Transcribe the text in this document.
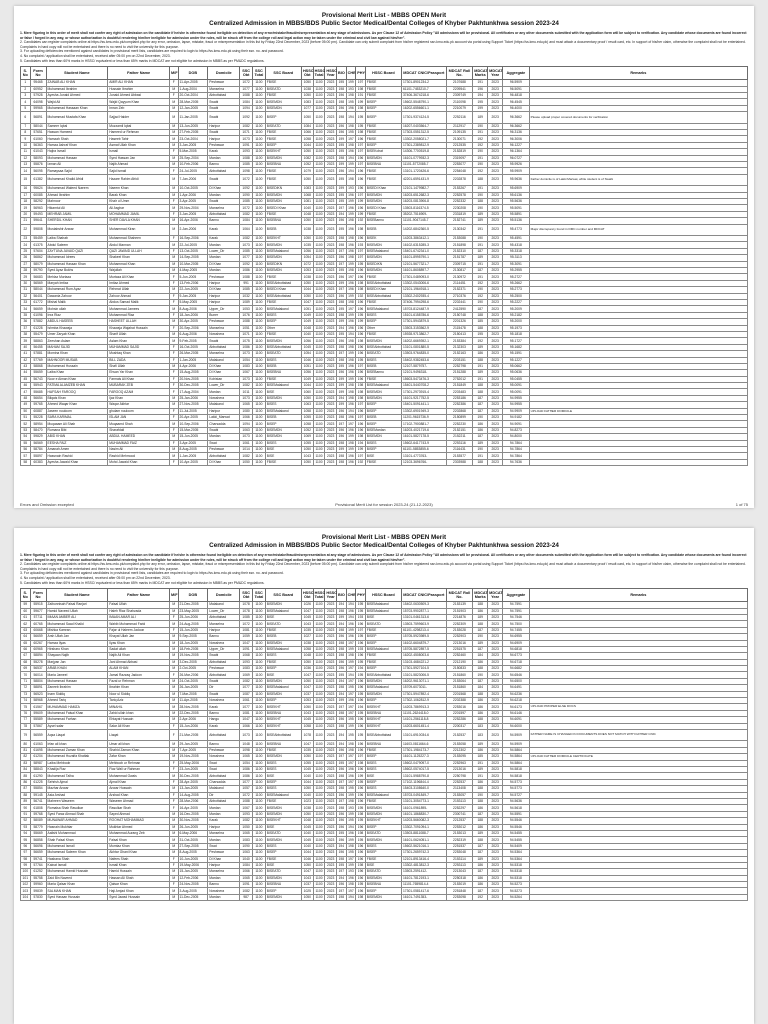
Provisional Merit List - MBBS OPEN Merit
Centralized Admission in MBBS/BDS Public Sector Medical/Dental Colleges of Khyber Pakhtunkhwa session 2023-24

1. Mere figuring in this order of merit shall not confer any right of admission on the candidate if he/she is otherwise found ineligible on detection of any error/mistake/fraud/misrepresentation at any stage of admissions. As per Clause 12 of Admission Policy "All admissions will be provisional. All certificates or any other documents submitted with the application form will be subject to verification. Any candidate whose documents are found incorrect or false / forged in any way, or whose authorization is doubtful rendering him/her ineligible for admission under the rules, will be struck off from the college roll and legal action may be taken under the criminal and civil law against him/her".

2. Candidates can register complaints online at https://ss.kmu.edu.pk/complaint.php for any error, omission, lapse, mistake, fraud or misrepresentation in this list by Friday 22nd December, 2023 (before 05:00 pm). Candidate can only submit complaint from his/her registered ssn.kmu.edu.pk account via portal using Support Ticket (https://ss.kmu.edu.pk) and must attach a documentary proof / result card, etc. In support of his/her claim, otherwise the complaint shall not be entertained. Complaints in hard copy will not be entertained and there is no need to visit the university for this purpose.

3. For uploading deficiencies mentioned against candidates in provisional merit lists, candidates are required to login to https://ss.kmu.edu.pk using their ssn. no. and password.

4. No complaint / application shall be entertained, received after 05:00 pm on 22nd December, 2023.

5. Candidates with less than 60% marks in HSSC/ equivalent or less than 65% marks in MDCAT are not eligible for admission in MBBS as per PM&DC regulations.

S. No	Form No	Student Name	Father Name	M/F	DOB	Domicile	SSC Obt	SSC Total	SSC Board	HSSC Obt	HSSC Total	HSSC Year	BIO	CHE	PHY	HSSC Board	MDCAT CNIC/Passport	MDCAT Roll No.	MDCAT Marks	MDCAT Year	Aggregate	Remarks
1	95465	ZAINAB ALI KHAN	AMIR ALI KHAN	F	11-Apr-2005	Peshawar	1072	1100	FBISE	1050	1100	2023	195	199	197	FBISE	17301-8901234-2	2107688	191	2023	96.5909	
2	60952	Muhammad Ibrahim	Hussain Ibrahim	M	1-Aug-2004	Mansehra	1077	1100	BISEATD	1038	1100	2023	198	193	198	FBISE	61101-7453210-7	2209541	196	2023	96.5091	
3	57928	Ayesha Junaid Ahmed	Junaid Ahmed Abbasi	F	20-Oct-2004	Abbottabad	1088	1100	FBISE	1050	1100	2023	196	198	191	FBISE	37406-3674218-6	2309749	194	2023	96.4818	
4	64098	Wajid Ali	Wajid Qayyum Khan	M	28-Mar-2005	Swabi	1084	1100	BISEMDN	1083	1100	2023	198	195	199	BISEP	15602-5548790-1	2110098	195	2023	96.4545	
5	59965	Muhammad Hassaan Khan	Imran Zeb	M	12-Jan-2005	Swabi	1094	1100	BISEMDN	1077	1100	2023	196	196	198	BISEP	16202-6556601-1	2210079	199	2023	96.4000	
6	56891	Muhammad Mustafa Khan	Sajjad Haider	M	11-Jan-2005	Swabi	1092	1100	BISEP	1050	1100	2023	198	194	195	BISEP	17301-9374124-5	2252116	189	2023	96.3662	Please upload proper covered documents for verification
7	58044	Sameer Iqbal	Muzzamil Iqbal	M	13-Jun-2005	Haripur	1082	1100	BISEATD	1084	1100	2023	196	198	195	FBISE	16207-0403564-7	2112917	190	2023	96.3662	
8	57651	Hassan Hameed	Hameed ur Rehman	M	27-Feb-2005	Swabi	1071	1100	FBISE	1066	1100	2023	196	195	198	FBISE	17303-0551312-5	2109135	191	2023	96.3136	
9	61060	Hamzah Shah	Haseeb Tahir	M	23-Oct-2004	Haripur	1073	1100	FBISE	1058	1100	2023	199	197	196	FBISE	13302-2058021-7	2130071	192	2023	96.3006	
10	56363	Hamza Ashraf Khan	Asmat Ullah Khan	M	3-Jan-2005	Peshawar	1091	1100	BISEP	1044	1100	2023	195	198	197	BISEP	17301-2389812-9	2212535	192	2023	96.1227	
11	61043	Hajira Ismail	Ismail	F	5-Mar-2005	Karak	1093	1100	BISEKHT	1050	1100	2023	195	196	197	BISEKohat	14306-7700519-8	2152819	190	2023	96.1364	
12	58093	Mohammad Hassan	Syed Hassan Jan	M	25-Sep-2004	Mardan	1088	1100	BISEMDN	1082	1100	2023	198	194	196	BISEMDN	16101-0779932-3	2319097	191	2023	96.0727	
13	55876	Izman Ali	Najib Ahmad	M	10-Feb-2006	Bannu	1085	1100	BISEBNU	1052	1100	2023	199	199	197	BISEBNU	11101-5772085-7	2253077	190	2023	95.9926	
14	56095	Ramaysaa Sajid	Sajid Ismail	F	24-Jul-2005	Abbottabad	1098	1100	FBISE	1079	1100	2023	196	194	196	FBISE	13101-1720426-6	2254048	192	2023	95.9909	
15	61382	Muhammad Khalid Afridi	Hazare Rahim Afridi	M	7-Jan-2006	Swabi	1072	1100	FBISE	1050	1100	2023	195	198	196	FBISE	42201-6591431-9	2202878	188	2023	95.9636	Father domicile is of Lakki Marwat, while student is of Swabi
16	95624	Muhammad Waleed Naeem	Naeem Khan	M	10-Oct-2005	DI Khan	1092	1100	BISEDIKN	1083	1100	2023	199	193	196	BISEDI Khan	12101-1479982-7	2153267	191	2023	95.6909	
17	60085	Ahmad Ibrahim	Barak Khan	M	1-Apr-2006	Mardan	1090	1100	BISEMDN	1068	1100	2023	195	196	197	BISEMDN	16203-6512682-3	2252578	190	2023	95.6136	
18	58292	Mahnoor	Khair ul Umm	F	3-Apr-2005	Swabi	1085	1100	BISEMDN	1081	1100	2023	195	199	199	BISEMDN	16203-0813906-8	2252332	188	2023	95.5636	
19	56963	Hikamtul Ali	Ali Asghar	M	29-Nov-2004	Mansehra	1072	1100	BISEDI Khan	1040	1100	2023	197	196	196	BISEDI Khan	13503-8116374-5	2230208	190	2023	95.5091	
20	59493	MEHRAB JAMIL	MOHAMMAD JAMIL	F	3-Jan-2005	Abbottabad	1082	1100	FBISE	1048	1100	2023	194	199	199	FBISE	35202-7516909-	2331819	189	2023	95.5891	
21	59641	SHERDIL KHAN	SHER DAVLA KHAN	M	16-Apr-2006	Bannu	1084	1100	BISEBNU	1050	1100	2023	196	198	192	BISEBannu	11101-9047145-7	2152741	189	2023	95.5136	
22	59808	Mustabshir Anwar	Muhammad Kiran	M	2-Jan-2006	Karak	1064	1100	BISEB	1038	1100	2023	195	196	198	BISEB	14202-6842360-5	2130342	191	2023	95.4773	Major discrepancy found in DMC number and MDCAT
23	55459	Laiba Shahab	Muhammad Shaheen	F	16-Sep-2006	Karak	1082	1100	BISEKHT	1050	1100	2023	198	198	196	BISEK	14203-3863412-1	2153088	190	2023	95.4591	
24	61375	Abdul Saleem	Abdul Mannan	M	22-Jul-2005	Mardan	1073	1100	BISEMDN	1035	1100	2023	198	196	193	BISEMDN	16102-6315285-3	2151898	191	2023	95.4318	
25	57604	ZAYTUNA JAVAID QAZI	QAZI JAWAID ULLAH	F	13-Oct-2005	Lower_Dir	1085	1100	BISEMalakand	1056	1100	2023	197	196	197	BISEMalakand	15401-6742341-0	2152310	187	2023	95.3318	
26	56862	Muhammad Idrees	Shakeel Khan	M	14-Sep-2005	Mardan	1077	1100	BISEMDN	1054	1100	2023	196	198	197	BISEMDN	16101-8995790-1	2151787	189	2023	95.3113	
27	58079	Muhammad Hassan Khan	Muhammad Khan	M	10-Mar-2005	DI Khan	1092	1100	BISEDIKN	1072	1100	2023	197	199	195	BISEDIKN	12101-5677321-7	2309715	191	2023	95.3091	
28	59790	Syed Ayaz Bukhs	Wajullah	M	4-May-2005	Mardan	1086	1100	BISEMDN	1053	1100	2023	195	198	196	BISEMDN	16101-8608897-7	2130817	187	2023	95.2955	
29	56683	Mehlaz Murtaza	Murtaza Ali Khan	F	5-Jun-2005	Peshawar	1088	1100	FBISE	1038	1100	2023	196	197	196	FBISE	17301-0489093-0	2130972	191	2023	95.2727	
30	56569	Maryah Imtiaz	Imtiaz Ahmed	F	13-Feb-2006	Haripur	991	1100	BISEAbbottabad	1050	1100	2023	199	196	198	BISEAbbottabad	13302-0543006-6	2114451	192	2023	95.2662	
31	58044	Muhammad Rum Ayaz	Rehmat Ullah	M	22-Jun-2005	DI Khan	1085	1100	BISEDI Khan	1044	1100	2023	197	196	198	BISEDI Khan	12101-1964918-1	2152371	190	2023	95.2773	
32	56401	Dawania Zahoor	Zahoor Ahmad	F	9-Jan-2005	Haripur	1032	1100	BISEAbbottabad	1050	1100	2023	196	199	192	BISEAbbottabad	13302-2402935-4	2710376	192	2023	95.2500	
33	61772	Mishal Malik	Abdus Samad Malik	F	5-May-2005	Haripur	1089	1100	FBISE	1047	1100	2023	198	198	196	FBISE	37406-7994298-6	2202441	190	2023	95.2227	
34	56659	Mohsin ullah	Muhammad Jamees	M	8-Aug-2006	Upper_Dir	1053	1100	BISEMalakand	1051	1100	2023	195	197	196	BISEMalakand	15703-8124487-9	2412590	187	2023	95.2009	
35	61096	Inra Riaz	Muhammad Riaz	F	18-Jan-2006	Buner	1076	1100	BISES	1049	1100	2023	198	199	195	BISES	15101-6158786-6	2150748	188	2023	95.2182	
36	57882	ABDUL HASEEB	HASHEET ULLAH	M	30-Apr-2005	Peshawar	1088	1100	BISEP	1049	1100	2023	199	196	199	BISEP	17301-5943879-5	2201326	185	2023	95.2000	
37	61228	Ishmba Khawaja	Khawaja Wajahat Hussain	F	20-Sep-2006	Mansehra	1051	1100	Other	1048	1100	2023	194	196	196	Other	13503-3153562-9	2115478	188	2023	95.1973	
38	55479	Umer Zaryab Khan	Sharif Ullah	M	6-Aug-2006	Nowshera	1071	1100	FBISE	1040	1100	2023	195	194	196	FBISE	15928-9713862-7	2150413	195	2023	95.1818	
39	58863	Zeeshan Aslam	Aslam Khan	M	9-Feb-2005	Swabi	1075	1100	BISEMDN	1056	1100	2023	196	198	198	BISEMDN	16202-6669392-1	2153384	192	2023	95.1727	
40	56455	MAHAM SAJID	MUHAMMAD SAJID	F	16-Oct-2005	Abbottabad	1086	1100	BISEAbbottabad	1045	1100	2023	198	198	196	BISEAbbottabad	13101-0801880-5	2132303	189	2023	95.1682	
41	57881	Momina Khan	Mushtaq Khan	F	26-Mar-2005	Mansehra	1073	1100	BISEATD	1054	1100	2023	197	199	196	BISEATD	13503-9764835-0	2152163	186	2023	95.1591	
42	57769	MAHNOOR MUSAB	BILL ZADA	F	1-Jan-2005	Malakand	1054	1100	BISES	1046	1100	2023	198	198	195	BISES	15402-9382453-6	2203151	188	2023	95.1227	
43	58868	Muhammad Hussain	Shafi Ullah	M	4-Apr-2006	DI Khan	1083	1100	BISEB	1051	1100	2023	195	196	197	BISEB	12107-5879757-	2252798	191	2023	95.0662	
44	55659	Laiba Khan	Ehsan Yar Khan	F	15-Aug-2005	DI Khan	1067	1100	BISEBNU	1056	1100	2023	196	196	196	BISEBannu	12101-9496318-	2151288	189	2023	95.0636	
45	56743	Noor e Aiman Khan	Farmais Ali Khan	F	20-Nov-2005	Kohistan	1073	1100	FBISE	1049	1100	2023	199	199	196	FBISE	15603-5473476-3	2752012	191	2023	95.0455	
46	55943	FATIMA ALAMZEB KHAN	MUBARAK ZEB	F	30-Dec-2005	Lower_Dir	1082	1100	BISEMalakand	1044	1100	2023	199	198	198	BISEMalakand	15401-5440708-2	2151849	188	2023	95.0091	
47	55685	HAFSAH FAROOQ	FAROOQ AZAM	F	17-Aug-2004	Mardan	1011	1100	BISE	1060	1100	2023	199	198	198	BISEMDN	17301-2973915-4	2203483	188	2023	95.0091	
48	56654	Bilqais Khan	Ijaz Khan	M	25-Jan-2006	Nowshera	1073	1100	BISEMDN	1050	1100	2023	194	198	198	BISEMDN	16101-9217752-5	2253186	187	2023	94.9955	
49	59765	Ahmed Waqar Khan	Waqar Akhtar	M	27-Nov-2005	Malakand	1065	1100	BISES	1063	1100	2023	199	196	197	BISEP	15401-5091441-1	2252386	187	2023	94.9955	
50	60887	Jaseen nuuloom	ghulam nuuloom	F	11-Jul-2005	Haripur	1080	1100	BISEMalakand	1058	1100	2023	196	194	196	BISEP	13302-6901949-3	2202868	187	2023	94.9909	UPLOAD FATHER DOMICILE
51	55228	SARA KARIMAL	ISLAM JAN	F	20-Apr-2005	Lakki_Marwat	1066	1100	BISEB	1055	1100	2023	198	196	197	BISEB	11201-9615736-9	2150899	190	2023	94.9182	
52	58954	Muqaaam Ali Shah	Muqaamd Shah	M	10-Sep-2006	Charsadda	1094	1100	BISEP	1058	1100	2023	197	197	196	BISEP	17102-7900881-7	2252230	186	2023	94.9091	
53	58470	Rumana Bibi	Sharafdali	F	15-Mar-2005	Swabi	1063	1100	BISEMDN	1052	1100	2023	196	196	196	BISEMardan	16203-4021719-6	2152151	186	2023	94.8273	
54	59829	ABID KHAN	ABDUL HAMEED	M	15-Jun-2005	Mardan	1073	1100	BISEMDN	1069	1100	2023	196	199	198	BISEMDN	16101-5827178-5	2152211	187	2023	94.8000	
55	56569	EESHA FAIZ	MUHAMMAD FAIZ	F	3-Apr-2005	Swat	1061	1100	BISES	1055	1100	2023	198	198	194	BISES	15602-6417743-9	2253116	189	2023	94.7864	
56	58784	Amanah Amen	Nasim Ali	M	8-Aug-2005	Peshawar	1014	1100	BISE	1050	1100	2023	199	199	199	BISEP	61101-5853855-6	2116431	190	2023	94.7864	
57	55897	Hassnain Rashid	Rashid Mehmood	M	1-Jan-2005	Abbottabad	1082	1100	BISE	1043	1100	2023	198	196	197	BISE	13101-4773763-	2153577	191	2023	94.7864	
58	60383	Ayesha Jawaid Khan	Mohd Jawaid Khan	F	10-Apr-2005	DI Khan	1050	1100	FBISE	1050	1100	2023	198	196	192	FBISE	12103-3696766-	2303988	188	2023	94.7636	
Errors and Omission excepted	Provisional Merit List for session 2023-24 (21-12-2023)	1 of 75
Provisional Merit List - MBBS OPEN Merit
Centralized Admission in MBBS/BDS Public Sector Medical/Dental Colleges of Khyber Pakhtunkhwa session 2023-24

1. Mere figuring in this order of merit shall not confer any right of admission on the candidate if he/she is otherwise found ineligible on detection of any error/mistake/fraud/misrepresentation at any stage of admissions. As per Clause 12 of Admission Policy "All admissions will be provisional. All certificates or any other documents submitted with the application form will be subject to verification. Any candidate whose documents are found incorrect or false / forged in any way, or whose authorization is doubtful rendering him/her ineligible for admission under the rules, will be struck off from the college roll and legal action may be taken under the criminal and civil law against him/her".

2. Candidates can register complaints online at https://ss.kmu.edu.pk/complaint.php for any error, omission, lapse, mistake, fraud or misrepresentation in this list by Friday 22nd December, 2023 (before 05:00 pm). Candidate can only submit complaint from his/her registered ssn.kmu.edu.pk account via portal using Support Ticket (https://ss.kmu.edu.pk) and must attach a documentary proof / result card, etc. In support of his/her claim, otherwise the complaint shall not be entertained. Complaints in hard copy will not be entertained and there is no need to visit the university for this purpose.

3. For uploading deficiencies mentioned against candidates in provisional merit lists, candidates are required to login to https://ss.kmu.edu.pk using their ssn. no. and password.

4. No complaint / application shall be entertained, received after 05:00 pm on 22nd December, 2023.

5. Candidates with less than 60% marks in HSSC/ equivalent or less than 65% marks in MDCAT are not eligible for admission in MBBS as per PM&DC regulations.

S. No	Form No	Student Name	Father Name	M/F	DOB	Domicile	SSC Obt	SSC Total	SSC Board	HSSC Obt	HSSC Total	HSSC Year	BIO	CHE	PHY	HSSC Board	MDCAT CNIC/Passport	MDCAT Roll No.	MDCAT Marks	MDCAT Year	Aggregate	Remarks
59	55915	Zaibunnisah Faisal Ranjari	Faisal Ullah	M	21-Dec-2005	Malakand	1078	1100	BISEMDN	1026	1100	2023	194	194	195	BISEMalakand	15402-0630509-3	2153139	188	2023	94.7591	
60	59677	Hamid Naveed Ullah	Haleh Riaz Shahzada	M	23-May-2005	Lower_Dir	1078	1100	BISEMalakand	1047	1100	2023	198	196	195	BISEMalakand	15703-9902877-1	2151903	186	2023	94.7591	
61	57711	IMAAN AMBER ALI	IMAAN AMAR ALI	F	25-Jun-2006	Abbottabad	1085	1100	BISE	1045	1100	2023	199	194	193	BISE	13101-0461313-6	2214876	189	2023	94.7546	
62	60765	Muhammad Saad Khalid	Wahib Muhammad Farid	M	24-Aug-2005	Mansehra	1072	1100	BISEATD	1043	1100	2023	194	196	196	BISEATD	13503-7599603-9	2252309	188	2023	94.7500	
63	60668	Mishka Kamran	Fajar ul Haleem Jadoon	F	15-Jun-2005	Haripur	1081	1100	FBISE	1035	1100	2023	198	199	197	FBISE	61101-4298213-4	2153028	187	2023	94.7455	
64	56659	Arsh Ullah Jan	Khayat Ullah Jan	M	9-Sep-2005	Bannu	1059	1100	BISEB	1027	1100	2023	196	196	195	BISEP	15705-5923989-5	2252903	190	2023	94.6955	
65	60267	Hamza Ilyas	Ilyas Khan	M	18-Jun-2005	Nowshera	1047	1100	BISEMDN	1038	1100	2023	198	197	196	BISEP	16102-6604879-7	2213016	189	2023	94.6909	
66	60965	Hirsharo Khan	Sadat ullah	M	18-Feb-2005	Upper_Dir	1091	1100	BISEMalakand	1058	1100	2023	198	199	193	BISEMalakand	15705-5872897-5	2251575	187	2023	94.6818	
67	58894	Shayaan Najib	Najib Ali Khan	M	19-Nov-2005	Swabi	1068	1100	BISES	1048	1100	2023	198	198	196	FBISE	16202-4508003-6	2252460	184	2023	94.6773	
68	55278	Marjyan Jan	Jani Ahmad Abbasi	M	3-Dec-2005	Abbottabad	1093	1100	FBISE	1050	1100	2023	196	199	195	FBISE	13103-4684221-2	2212190	186	2023	94.6718	
69	56537	ARAB KHAN	ALAM KHAN	M	2-Oct-2005	Peshawar	1083	1100	BISEP	1036	1100	2023	196	197	194	BISEP	17301-5927104-5	2150833	188	2023	94.6682	
70	56014	Maria Jameel	Jamal Razzaq Jadoon	F	26-Mar-2006	Abbottabad	1069	1100	BISE	1047	1100	2023	195	194	195	BISEAbbottabad	13101-5823006-5	2151860	190	2023	94.6546	
71	58804	Muhammad Hassan	Fazal ur Rehman	M	24-Oct-2005	Swabi	1082	1100	BISEMDN	1050	1100	2023	194	197	196	BISEMDN	16202-9613071-1	2153064	187	2023	94.6500	
72	58891	Zaneeb Ibrahim	Ibrahim Khan	M	26-Jan-2005	Dir	1077	1100	BISEMalakand	1047	1100	2023	198	195	196	BISEMalakand	15709-6073011-	2151860	184	2023	94.6491	
73	56523	Inam Siddiq	Noor ul Siddiq	M	7-Mar-2005	Swabi	1087	1100	BISEMDN	1037	1100	2023	194	197	195	BISEMDN	17301-5947892-4	2201568	188	2023	94.6236	
74	58968	Ahmed Tariq	Tariq Aziz	M	11-Apr-2005	Nowshera	1061	1100	BISEP	1053	1100	2023	199	196	196	BISEP	17302-1062812-9	2202388	186	2023	94.6218	
75	61567	MUHAMMAD HAMZA	MINAHIL	M	28-Nov-2005	Karak	1077	1100	BISEKHT	1050	1100	2023	197	197	194	BISEKHT	14203-7869913-3	2253016	186	2023	94.6173	UPLOAD PROPER ELSE DOCS
76	59609	Muhammad Faisal Khan	Zahid ullah khan	M	22-Dec-2005	Bannu	1081	1100	BISEBNU	1043	1100	2023	198	197	195	BISEBNU	11101-2624418-0	2201597	186	2023	94.6146	
77	55589	Muhammad Farhan	Ehtayat Hussain	M	2-Apr-2006	Hangu	1047	1100	BISEKHT	1045	1100	2023	196	195	196	BISEKHT	14101-2561118-8	2252286	188	2023	94.6091	
78	57867	Aysel salar	Salar Ali Khan	F	15-Jun-2006	Karak	1066	1100	BISEKHT	1058	1100	2023	198	199	196	BISEKHT	14203-6601451-4	2200317	183	2023	94.6000	
79	56559	Aqsa Liaqat	Liaqat	F	21-Mar-2005	Abbottabad	1073	1100	BISEAbbottabad	1078	1100	2023	194	195	195	BISEAbbottabad	13101-6910034-6	2152537	183	2023	94.5909	FATHER NAME IS CHANGED IN DOCUMENTS DOES NOT MATCH WITH FATHER CNIC
80	61063	Irfan ali khan	Umar ali khan	M	29-Jan-2005	Bannu	1048	1100	BISEBNU	1047	1100	2023	194	198	196	BISEBNU	11603-0811664-6	2153058	189	2023	94.5909	
81	61695	Muhammad Zaman Khan	Shahid Zaman Khan	M	7-Apr-2005	Peshawar	1098	1100	FBISE	1035	1100	2023	196	198	196	FBISE	17301-1984173-7	2212302	186	2023	94.5864	
82	61204	Muhammad Huzaifa Khattak	Zafar Khan	M	19-Nov-2005	Nowshera	1065	1100	BISEMDN	1050	1100	2023	197	197	197	BISEP	16101-1125227-3	2153095	185	2023	94.5864	UPLOAD FATHER DOMICILE CERTIFICATE
83	58987	Laiba Mehboob	Mehboob ur Rehman	F	25-May-2006	Swat	1054	1100	BISES	1055	1100	2023	195	197	198	BISES	15602-0479097-0	2252963	191	2023	94.5864	
84	58843	Khadija Fiaz	Fiaz Wali ur Rahman	F	23-Jun-2005	Swat	1086	1100	BISES	1045	1100	2023	196	196	196	BISES	15602-0574017-5	2213016	189	2023	94.5818	
85	61290	Muhammad Talha	Muhammad Owais	M	30-Dec-2005	Abbottabad	1086	1100	BISE	1040	1100	2023	198	196	199	BISE	13101-5988790-8	2250798	191	2023	94.5818	
86	61225	Sehrish Ajmal	Ajmal Khan	F	28-Apr-2005	Charsadda	1077	1100	BISEP	1044	1100	2023	197	197	195	BISEP	17102-1196844-4	2252537	186	2023	94.5773	
87	55854	Mazhar Anwar	Anwar Hussain	M	13-Jan-2005	Malakand	1057	1100	BISES	1050	1100	2023	198	195	196	BISES	15403-3108640-0	2113408	188	2023	94.5773	
88	59145	Asia Arshad	Arshad Khan	F	14-Aug-2005	Dir	1072	1100	BISEMalakand	1040	1100	2023	196	199	196	BISEMalakand	15703-0491849-7	2153057	190	2023	94.5727	
89	56741	Mahreen Waseem	Waseem Ahmad	F	28-Mar-2006	Abbottabad	1088	1100	FBISE	1023	1100	2023	197	198	196	FBISE	13101-3054773-1	2153113	188	2023	94.5636	
90	61808	Romaisa Shah Rasulkar	Rasulkar Shah	F	16-Apr-2005	Mardan	1067	1100	BISEMDN	1038	1100	2023	198	193	195	BISEMDN	16101-0961895-	2252297	186	2023	94.5618	
91	59768	Syed Faraz Ahmad Shah	Sayed Ahmad	M	16-Dec-2005	Mardan	1093	1100	BISEMDN	1050	1100	2023	196	199	198	BISEMDN	16101-1868830-7	2300741	187	2023	94.5591	
92	58089	MUNAWAR AHMAD	ROOHAT MOHAMMAD	M	30-Nov-2005	Karak	1082	1100	BISEKHT	1048	1100	2023	196	195	195	BISEKHT	14203-5660082-3	2212537	188	2023	94.5546	
93	58779	Hasnain Mukhtar	Mukhtar Ahmed	M	26-Jun-2005	Haripur	1050	1100	BISE	1045	1100	2023	196	194	196	BISEP	13302-7091094-1	2253012	186	2023	94.5546	
94	55669	Aalishi Muhammad	Muhammad Aurang Zeb	M	6-May-2006	Mansehra	1065	1100	BISEATD	1040	1100	2023	195	196	198	BISEATD	13503-8811088-7	2153013	189	2023	94.5455	
95	56858	Shah Faisal Khan	Faisal Khan	M	31-Oct-2005	Mardan	1083	1100	BISEMDN	1045	1100	2023	196	199	195	BISEMDN	16101-0624051-1	2252319	188	2023	94.5455	
96	56696	Muhammad Ismail	Mumtaz Khan	M	27-Sep-2005	Swat	1090	1100	BISES	1040	1100	2023	194	198	196	BISES	15602-5621016-1	2251537	187	2023	94.5409	
97	56659	Muhammad Saleem Khan	Akhtar Ghani Khan	M	8-Aug-2005	Peshawar	1063	1100	BISEP	1044	1100	2023	196	195	196	BISEP	17301-2659742-3	2253048	187	2023	94.5364	
98	59741	Hasbana Shah	Nafees Shah	F	10-Jun-2005	DI Khan	1040	1100	FBISE	1046	1100	2023	198	197	196	FBISE	12101-8913416-4	2153114	189	2023	94.5364	
99	57764	Kainat Ismail	Ismail Khan	F	19-May-2006	Haripur	1084	1100	BISE	1050	1100	2023	195	199	198	BISE	13302-4813812-3	2253113	186	2023	94.5318	
100	61252	Muhammad Hamid Hussain	Hamid Hussain	M	15-Jan-2005	Mansehra	1066	1100	BISEATD	1047	1100	2023	197	193	196	BISEATD	13503-2591412-	2213043	187	2023	94.5318	
101	55758	Zaid Bin Naveed	Hassan Ali Shah	M	12-Feb-2006	Mardan	1065	1100	BISEMDN	1043	1100	2023	194	196	196	BISEMDN	16101-7812193-1	2250318	186	2023	94.5318	
102	59960	Maria Qaisar Khan	Qaisar Khan	F	24-Nov-2005	Bannu	1091	1100	BISEBNU	1037	1100	2023	196	198	195	BISEBNU	11101-7659814-4	2153019	186	2023	94.5273	
103	59839	SALMAN KHAN	Haji Amjad Khan	M	3-Aug-2005	Nowshera	1082	1100	BISEP	1025	1100	2023	197	197	196	BISEP	17301-0581417-6	2251848	187	2023	94.5273	
104	57830	Syed Hassan Hussain	Syed Jawad Hussain	M	11-Dec-2005	Mardan	987	1100	BISEMDN	1050	1100	2023	198	194	198	BISEMDN	16101-7491353-	2253098	192	2023	94.5264	
